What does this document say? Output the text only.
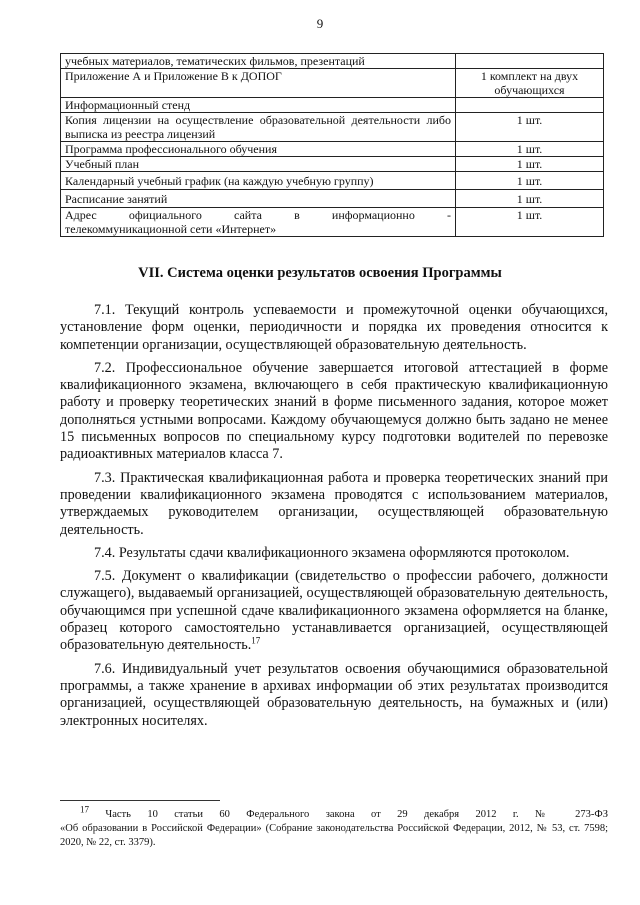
9
учебных материалов, тематических фильмов, презентаций	
Приложение А и Приложение В к ДОПОГ	1 комплект на двух обучающихся
Информационный стенд	
Копия лицензии на осуществление образовательной деятельности либо выписка из реестра лицензий	1 шт.
Программа профессионального обучения	1 шт.
Учебный план	1 шт.
Календарный учебный график (на каждую учебную группу)	1 шт.
Расписание занятий	1 шт.

Адрес официального сайта в информационно -
телекоммуникационной сети «Интернет»	1 шт.
VII. Система оценки результатов освоения Программы

7.1. Текущий контроль успеваемости и промежуточной оценки обучающихся, установление форм оценки, периодичности и порядка их проведения относится к компетенции организации, осуществляющей образовательную деятельность.

7.2. Профессиональное обучение завершается итоговой аттестацией в форме квалификационного экзамена, включающего в себя практическую квалификационную работу и проверку теоретических знаний в форме письменного задания, которое может дополняться устными вопросами. Каждому обучающемуся должно быть задано не менее 15 письменных вопросов по специальному курсу подготовки водителей по перевозке радиоактивных материалов класса 7.

7.3. Практическая квалификационная работа и проверка теоретических знаний при проведении квалификационного экзамена проводятся с использованием материалов, утверждаемых руководителем организации, осуществляющей образовательную деятельность.

7.4. Результаты сдачи квалификационного экзамена оформляются протоколом.

7.5. Документ о квалификации (свидетельство о профессии рабочего, должности служащего), выдаваемый организацией, осуществляющей образовательную деятельность, обучающимся при успешной сдаче квалификационного экзамена оформляется на бланке, образец которого самостоятельно устанавливается организацией, осуществляющей образовательную деятельность.$^{17}$

7.6. Индивидуальный учет результатов освоения обучающимися образовательной программы, а также хранение в архивах информации об этих результатах производится организацией, осуществляющей образовательную деятельность, на бумажных и (или) электронных носителях.

$^{17}$ Часть 10 статьи 60 Федерального закона от 29 декабря 2012 г. № 273-ФЗ
«Об образовании в Российской Федерации» (Собрание законодательства Российской Федерации, 2012, № 53, ст. 7598; 2020, № 22, ст. 3379).
